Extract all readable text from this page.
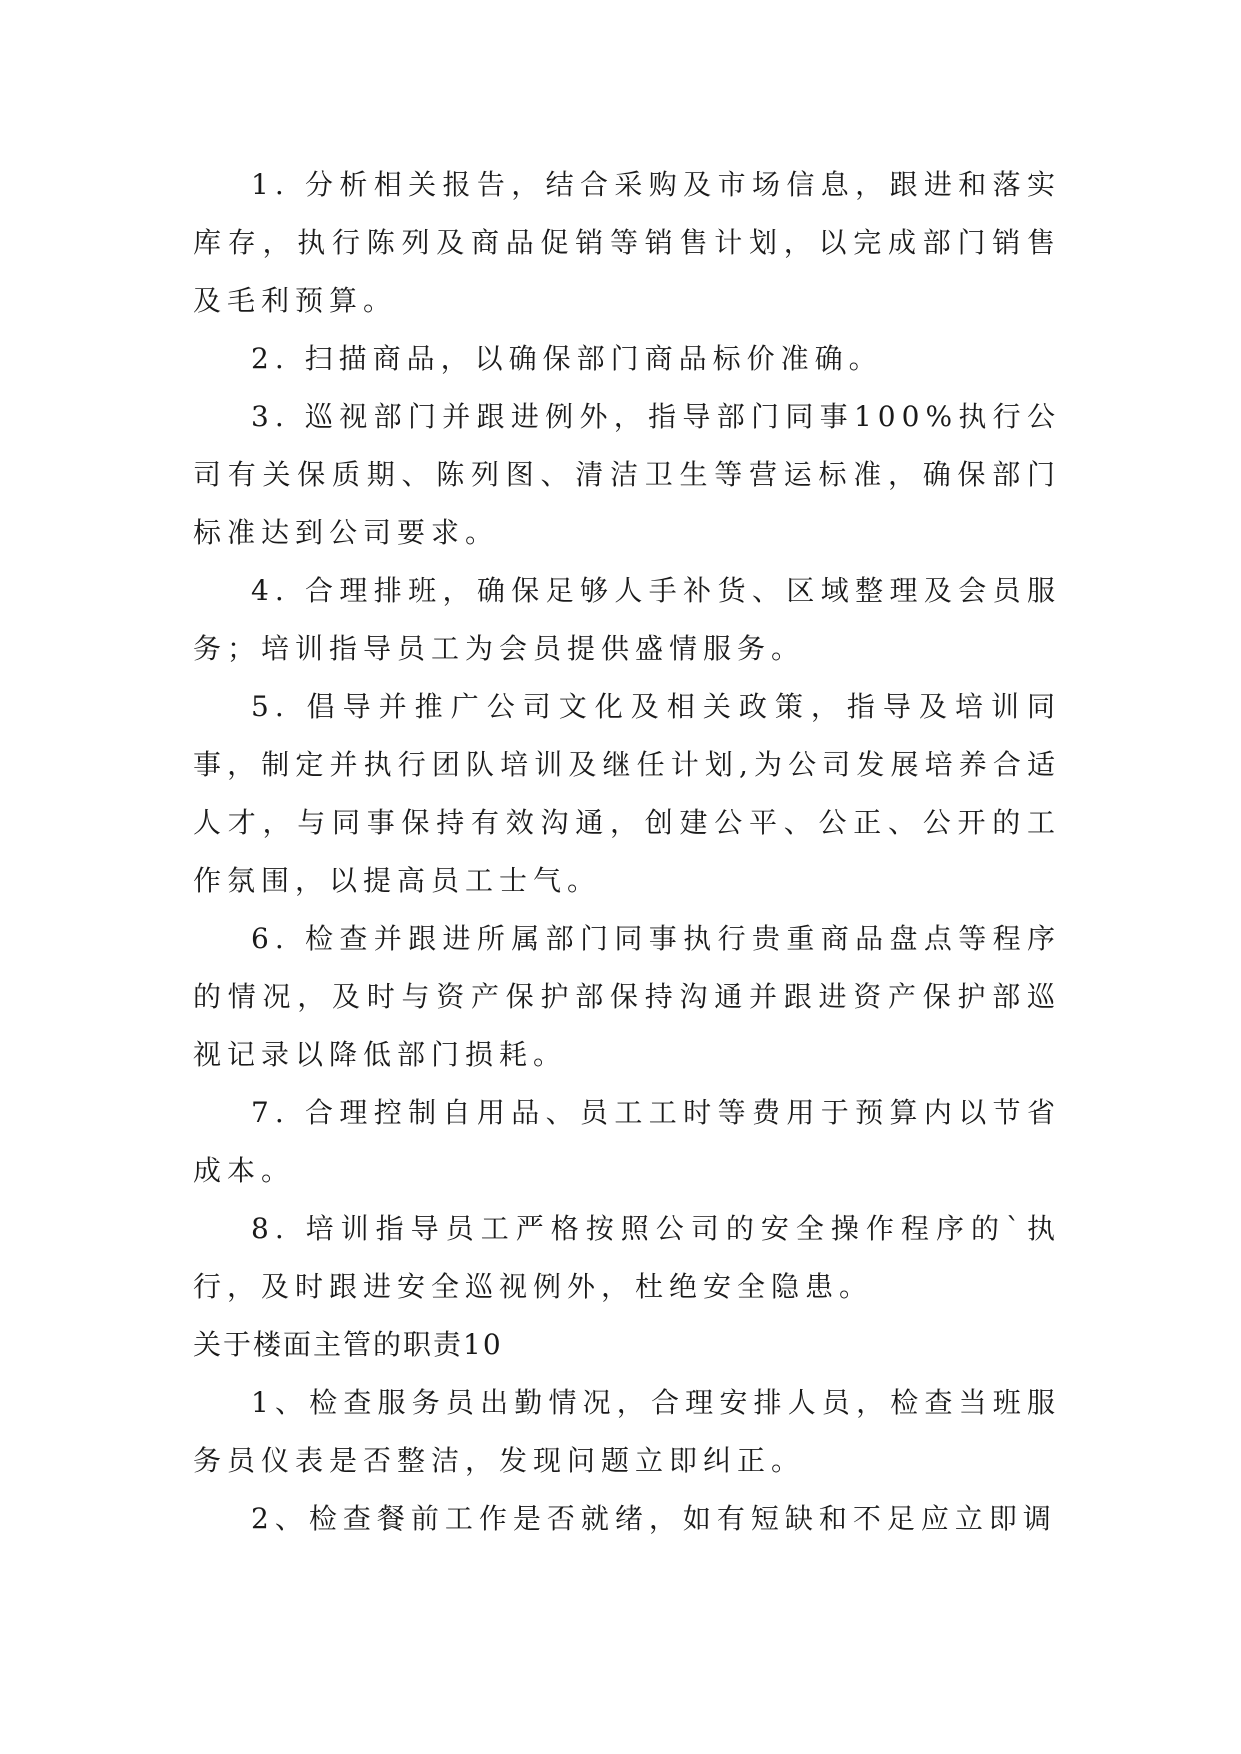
1. 分析相关报告，结合采购及市场信息，跟进和落实库存，执行陈列及商品促销等销售计划，以完成部门销售及毛利预算。

2. 扫描商品，以确保部门商品标价准确。

3. 巡视部门并跟进例外，指导部门同事100%执行公司有关保质期、陈列图、清洁卫生等营运标准，确保部门标准达到公司要求。

4. 合理排班，确保足够人手补货、区域整理及会员服务；培训指导员工为会员提供盛情服务。

5. 倡导并推广公司文化及相关政策，指导及培训同事，制定并执行团队培训及继任计划,为公司发展培养合适人才，与同事保持有效沟通，创建公平、公正、公开的工作氛围，以提高员工士气。

6. 检查并跟进所属部门同事执行贵重商品盘点等程序的情况，及时与资产保护部保持沟通并跟进资产保护部巡视记录以降低部门损耗。

7. 合理控制自用品、员工工时等费用于预算内以节省成本。

8. 培训指导员工严格按照公司的安全操作程序的`执行，及时跟进安全巡视例外，杜绝安全隐患。

关于楼面主管的职责10

1、检查服务员出勤情况，合理安排人员，检查当班服务员仪表是否整洁，发现问题立即纠正。

2、检查餐前工作是否就绪，如有短缺和不足应立即调
